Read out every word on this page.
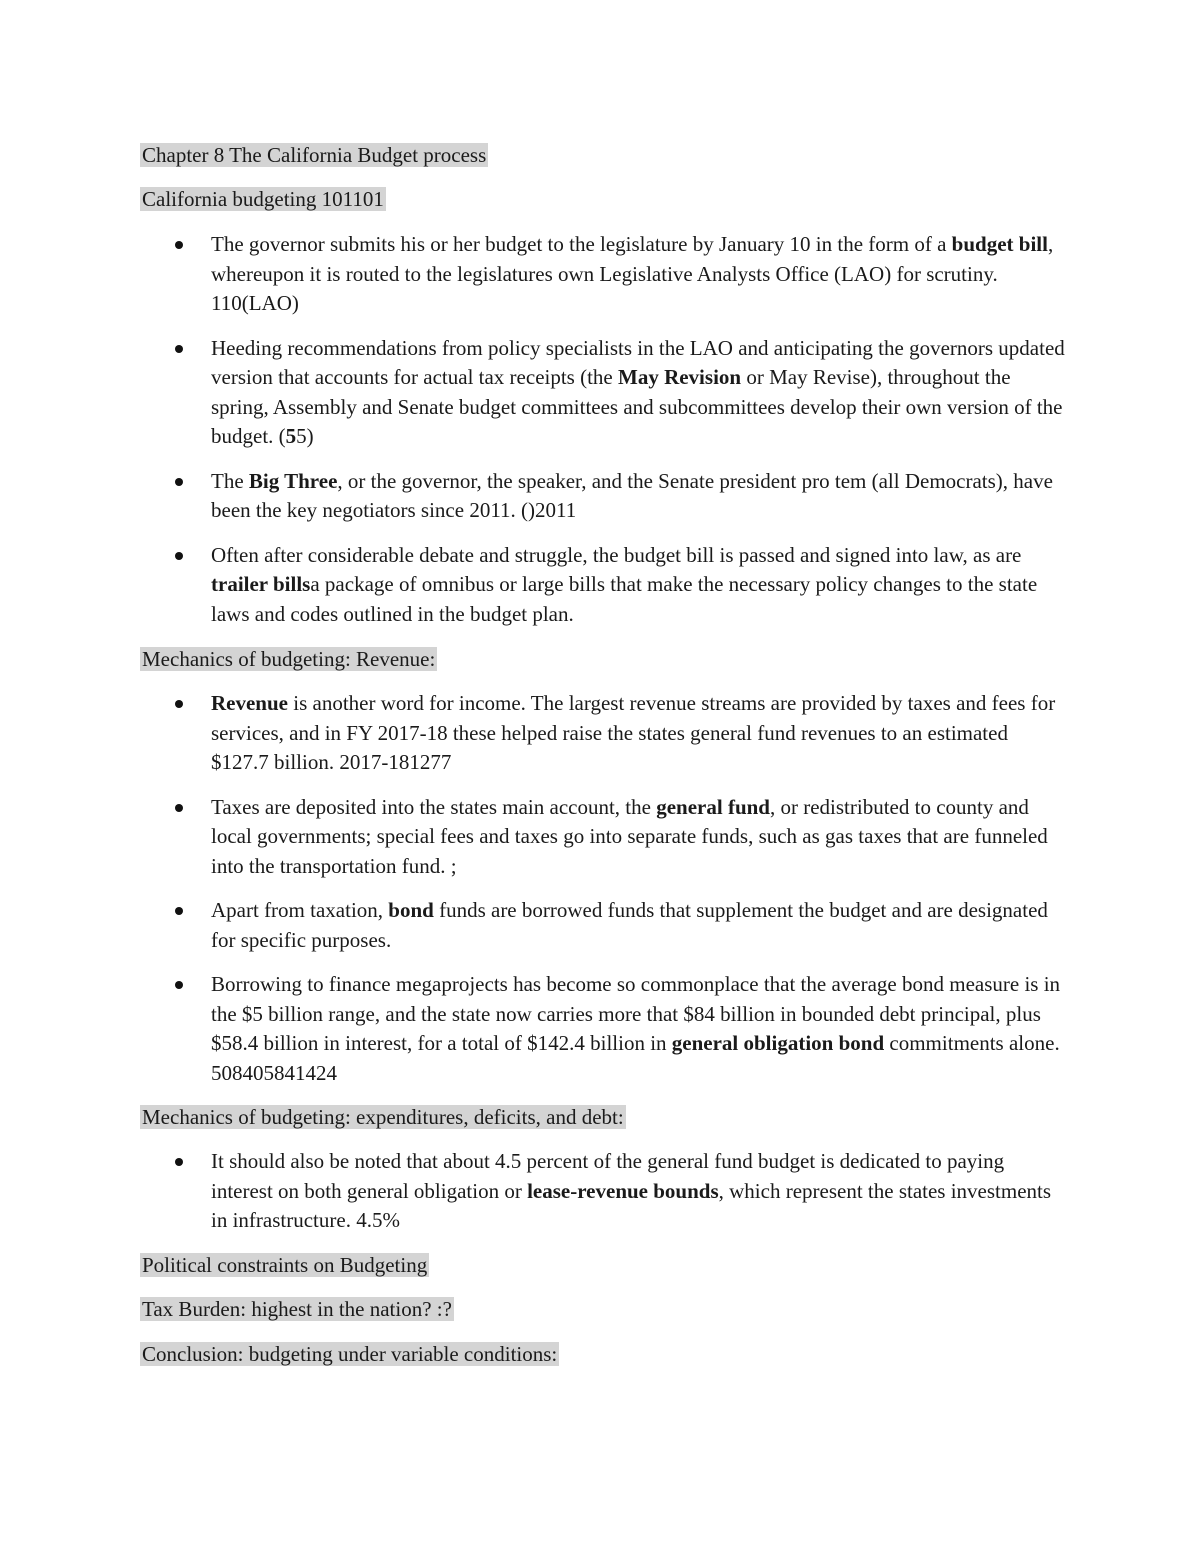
Chapter 8 The California Budget process

California budgeting 101101

The governor submits his or her budget to the legislature by January 10 in the form of a budget bill, whereupon it is routed to the legislatures own Legislative Analysts Office (LAO) for scrutiny. 110(LAO)
Heeding recommendations from policy specialists in the LAO and anticipating the governors updated version that accounts for actual tax receipts (the May Revision or May Revise), throughout the spring, Assembly and Senate budget committees and subcommittees develop their own version of the budget. (55)
The Big Three, or the governor, the speaker, and the Senate president pro tem (all Democrats), have been the key negotiators since 2011. ()2011
Often after considerable debate and struggle, the budget bill is passed and signed into law, as are trailer billsa package of omnibus or large bills that make the necessary policy changes to the state laws and codes outlined in the budget plan.

Mechanics of budgeting: Revenue:

Revenue is another word for income. The largest revenue streams are provided by taxes and fees for services, and in FY 2017-18 these helped raise the states general fund revenues to an estimated $127.7 billion. 2017-181277
Taxes are deposited into the states main account, the general fund, or redistributed to county and local governments; special fees and taxes go into separate funds, such as gas taxes that are funneled into the transportation fund. ;
Apart from taxation, bond funds are borrowed funds that supplement the budget and are designated for specific purposes.
Borrowing to finance megaprojects has become so commonplace that the average bond measure is in the $5 billion range, and the state now carries more that $84 billion in bounded debt principal, plus $58.4 billion in interest, for a total of $142.4 billion in general obligation bond commitments alone. 508405841424

Mechanics of budgeting: expenditures, deficits, and debt:

It should also be noted that about 4.5 percent of the general fund budget is dedicated to paying interest on both general obligation or lease-revenue bounds, which represent the states investments in infrastructure. 4.5%

Political constraints on Budgeting

Tax Burden: highest in the nation? :?

Conclusion: budgeting under variable conditions:
